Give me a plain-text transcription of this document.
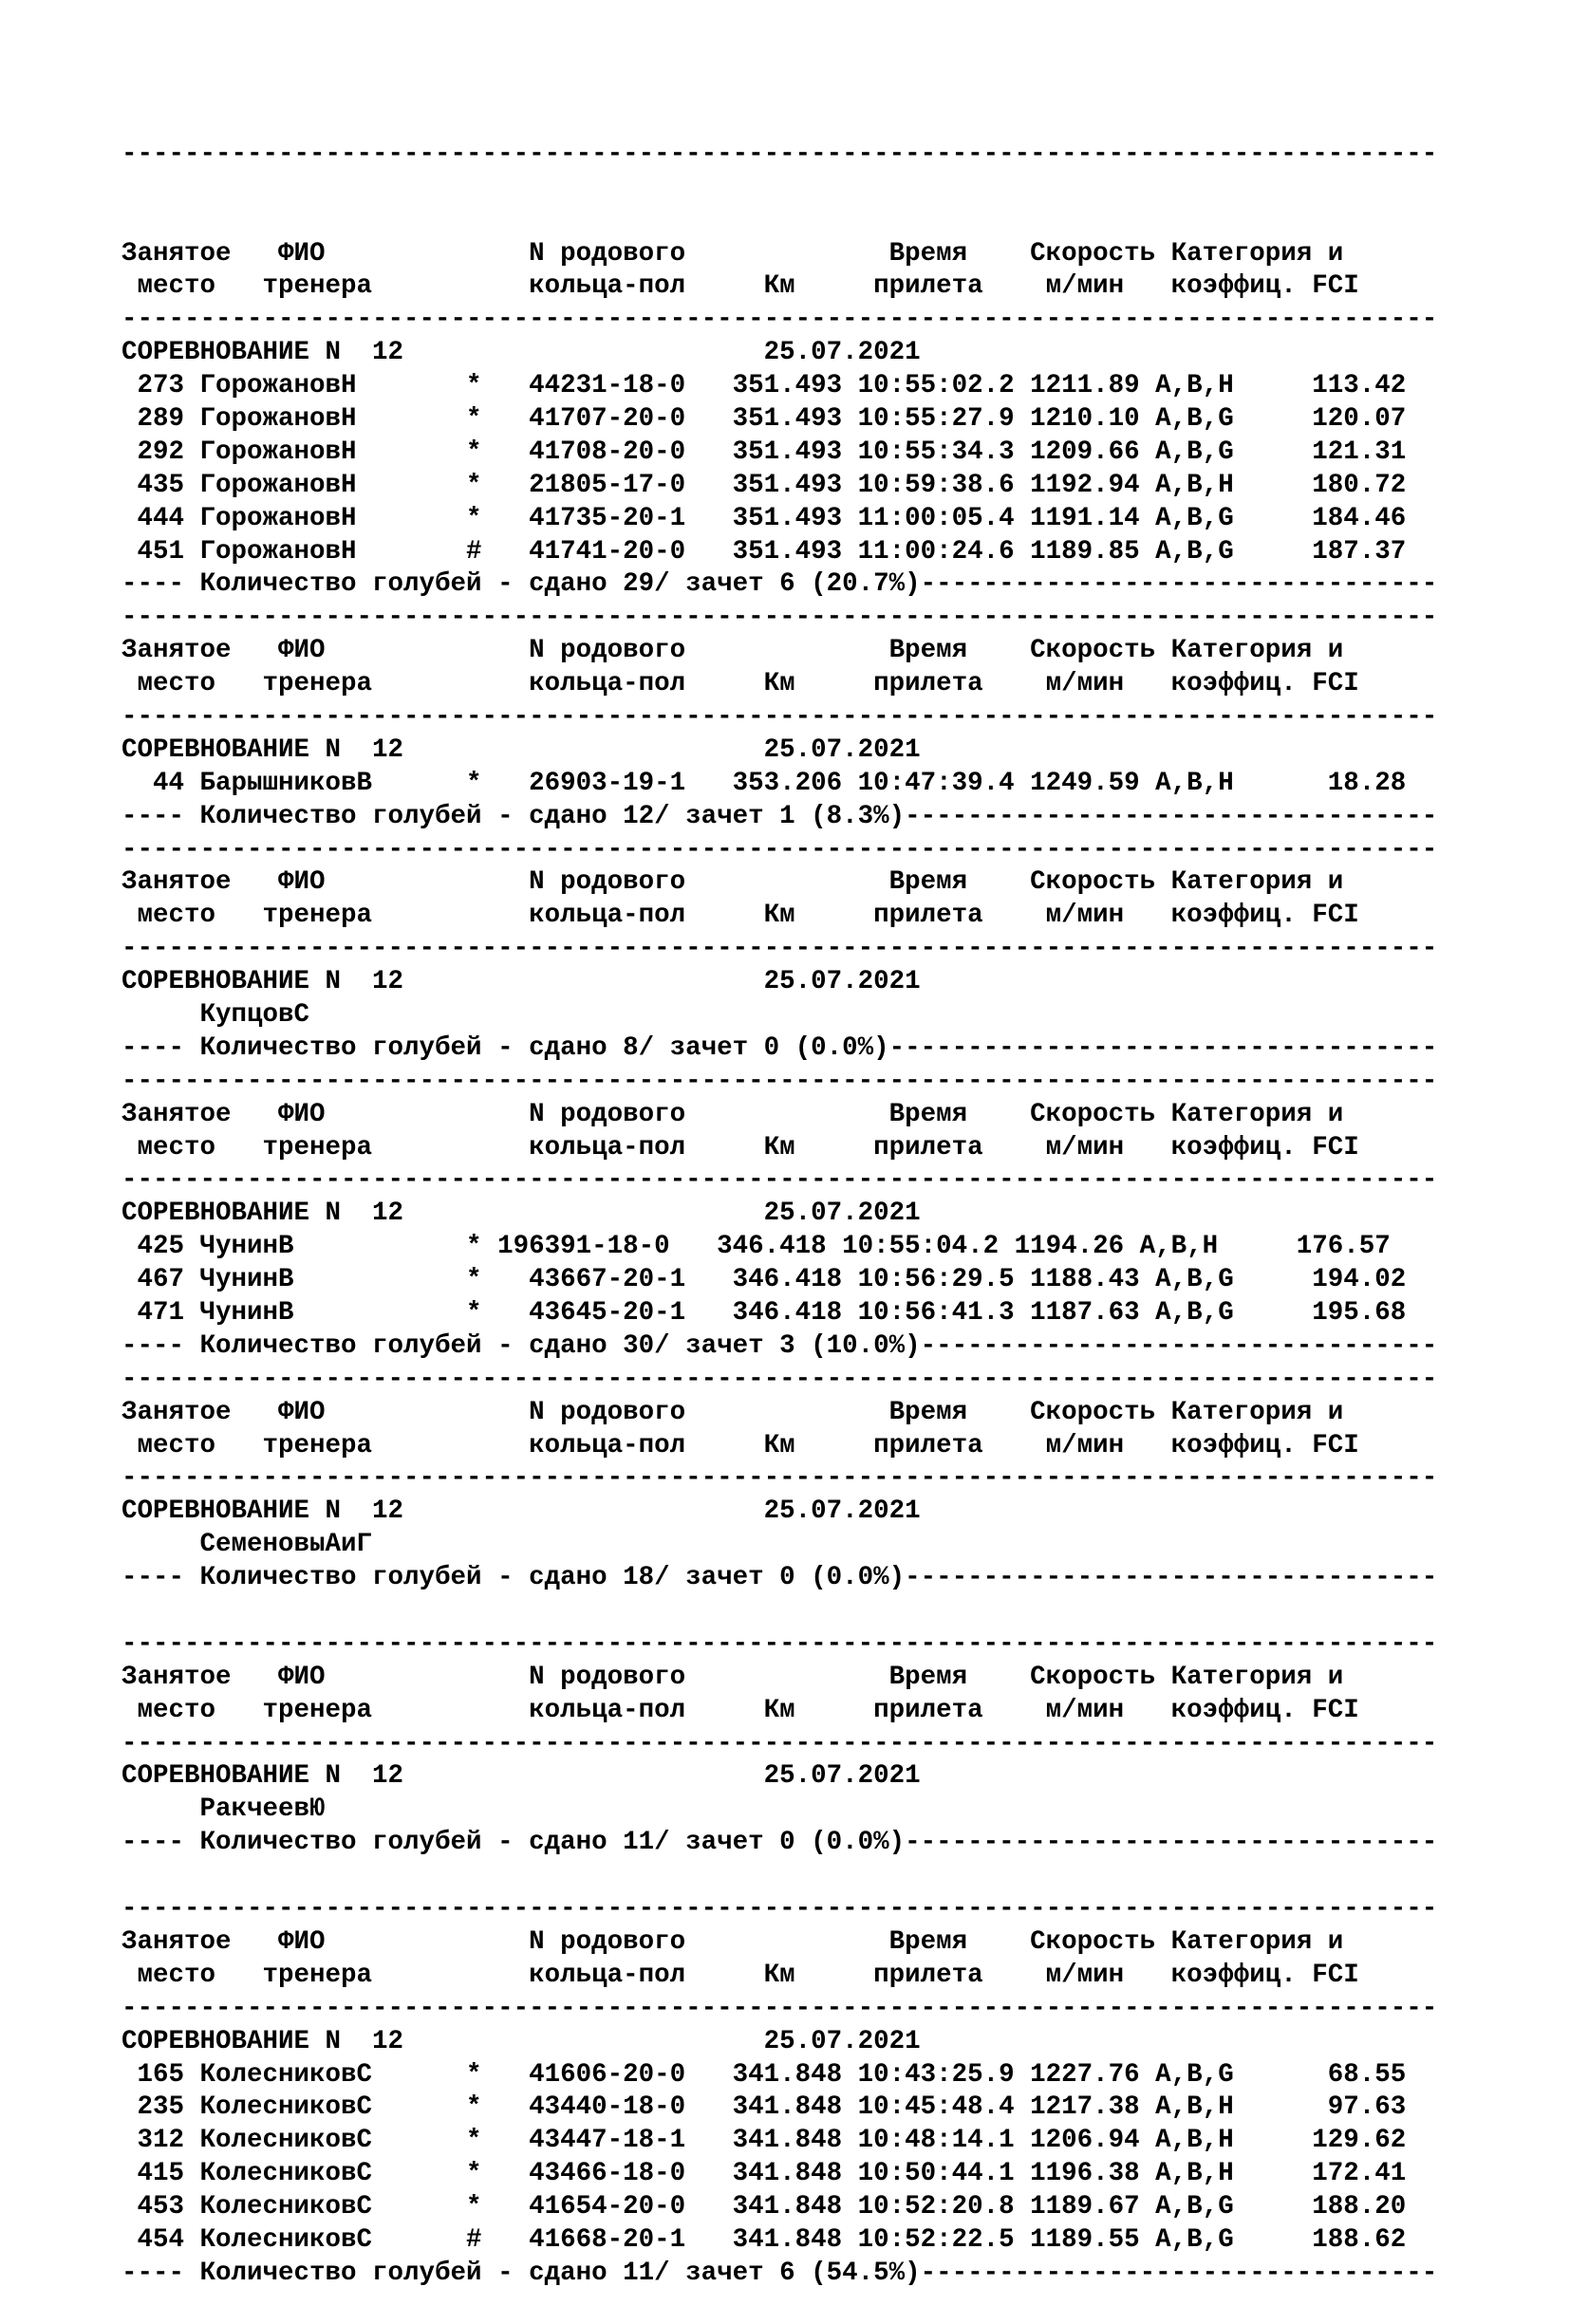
------------------------------------------------------------------------------------

Занятое   ФИО             N родового             Время    Скорость Категория и
место   тренера          кольца-пол     Км     прилета    м/мин   коэффиц. FCI
------------------------------------------------------------------------------------
СОРЕВНОВАНИЕ N  12                       25.07.2021
273 ГорожановН       *   44231-18-0   351.493 10:55:02.2 1211.89 A,B,H     113.42
289 ГорожановН       *   41707-20-0   351.493 10:55:27.9 1210.10 A,B,G     120.07
292 ГорожановН       *   41708-20-0   351.493 10:55:34.3 1209.66 A,B,G     121.31
435 ГорожановН       *   21805-17-0   351.493 10:59:38.6 1192.94 A,B,H     180.72
444 ГорожановН       *   41735-20-1   351.493 11:00:05.4 1191.14 A,B,G     184.46
451 ГорожановН       #   41741-20-0   351.493 11:00:24.6 1189.85 A,B,G     187.37
---- Количество голубей - сдано 29/ зачет 6 (20.7%)---------------------------------
------------------------------------------------------------------------------------
Занятое   ФИО             N родового             Время    Скорость Категория и
место   тренера          кольца-пол     Км     прилета    м/мин   коэффиц. FCI
------------------------------------------------------------------------------------
СОРЕВНОВАНИЕ N  12                       25.07.2021
44 БарышниковВ      *   26903-19-1   353.206 10:47:39.4 1249.59 A,B,H      18.28
---- Количество голубей - сдано 12/ зачет 1 (8.3%)----------------------------------
------------------------------------------------------------------------------------
Занятое   ФИО             N родового             Время    Скорость Категория и
место   тренера          кольца-пол     Км     прилета    м/мин   коэффиц. FCI
------------------------------------------------------------------------------------
СОРЕВНОВАНИЕ N  12                       25.07.2021
КупцовС
---- Количество голубей - сдано 8/ зачет 0 (0.0%)-----------------------------------
------------------------------------------------------------------------------------
Занятое   ФИО             N родового             Время    Скорость Категория и
место   тренера          кольца-пол     Км     прилета    м/мин   коэффиц. FCI
------------------------------------------------------------------------------------
СОРЕВНОВАНИЕ N  12                       25.07.2021
425 ЧунинВ           * 196391-18-0   346.418 10:55:04.2 1194.26 A,B,H     176.57
467 ЧунинВ           *   43667-20-1   346.418 10:56:29.5 1188.43 A,B,G     194.02
471 ЧунинВ           *   43645-20-1   346.418 10:56:41.3 1187.63 A,B,G     195.68
---- Количество голубей - сдано 30/ зачет 3 (10.0%)---------------------------------
------------------------------------------------------------------------------------
Занятое   ФИО             N родового             Время    Скорость Категория и
место   тренера          кольца-пол     Км     прилета    м/мин   коэффиц. FCI
------------------------------------------------------------------------------------
СОРЕВНОВАНИЕ N  12                       25.07.2021
СеменовыАиГ
---- Количество голубей - сдано 18/ зачет 0 (0.0%)----------------------------------
------------------------------------------------------------------------------------
Занятое   ФИО             N родового             Время    Скорость Категория и
место   тренера          кольца-пол     Км     прилета    м/мин   коэффиц. FCI
------------------------------------------------------------------------------------
СОРЕВНОВАНИЕ N  12                       25.07.2021
РакчеевЮ
---- Количество голубей - сдано 11/ зачет 0 (0.0%)----------------------------------
------------------------------------------------------------------------------------
Занятое   ФИО             N родового             Время    Скорость Категория и
место   тренера          кольца-пол     Км     прилета    м/мин   коэффиц. FCI
------------------------------------------------------------------------------------
СОРЕВНОВАНИЕ N  12                       25.07.2021
165 КолесниковС      *   41606-20-0   341.848 10:43:25.9 1227.76 A,B,G      68.55
235 КолесниковС      *   43440-18-0   341.848 10:45:48.4 1217.38 A,B,H      97.63
312 КолесниковС      *   43447-18-1   341.848 10:48:14.1 1206.94 A,B,H     129.62
415 КолесниковС      *   43466-18-0   341.848 10:50:44.1 1196.38 A,B,H     172.41
453 КолесниковС      *   41654-20-0   341.848 10:52:20.8 1189.67 A,B,G     188.20
454 КолесниковС      #   41668-20-1   341.848 10:52:22.5 1189.55 A,B,G     188.62
---- Количество голубей - сдано 11/ зачет 6 (54.5%)---------------------------------
